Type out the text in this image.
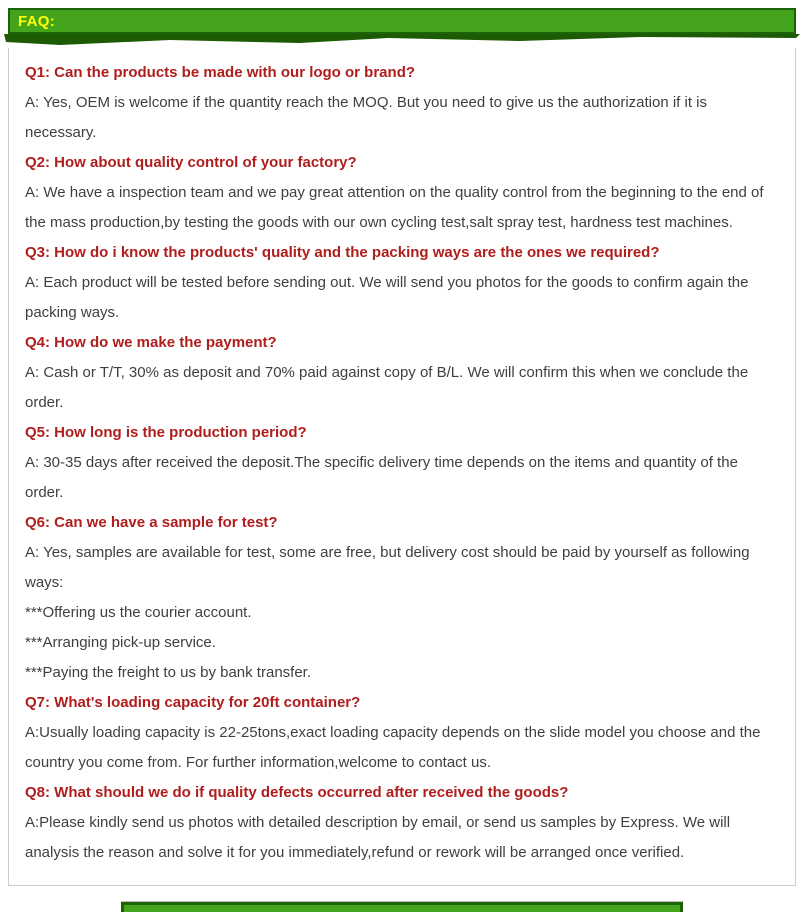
FAQ:
Q1: Can the products be made with our logo or brand?
A: Yes, OEM is welcome if the quantity reach the MOQ. But you need to give us the authorization if it is necessary.
Q2: How about quality control of your factory?
A: We have a inspection team and we pay great attention on the quality control from the beginning to the end of the mass production,by testing the goods with our own cycling test,salt spray test, hardness test machines.
Q3: How do i know the products' quality and the packing ways are the ones we required?
A: Each product will be tested before sending out. We will send you photos for the goods to confirm again the packing ways.
Q4: How do we make the payment?
A: Cash or T/T, 30% as deposit and 70% paid against copy of B/L. We will confirm this when we conclude the order.
Q5: How long is the production period?
A: 30-35 days after received the deposit.The specific delivery time depends on the items and quantity of the order.
Q6: Can we have a sample for test?
A: Yes, samples are available for test, some are free, but delivery cost should be paid by yourself as following ways:
***Offering us the courier account.
***Arranging pick-up service.
***Paying the freight to us by bank transfer.
Q7: What's loading capacity for 20ft container?
A:Usually loading capacity is 22-25tons,exact loading capacity depends on the slide model you choose and the country you come from. For further information,welcome to contact us.
Q8: What should we do if quality defects occurred after received the goods?
A:Please kindly send us photos with detailed description by email, or send us samples by Express. We will analysis the reason and solve it for you immediately,refund or rework will be arranged once verified.
